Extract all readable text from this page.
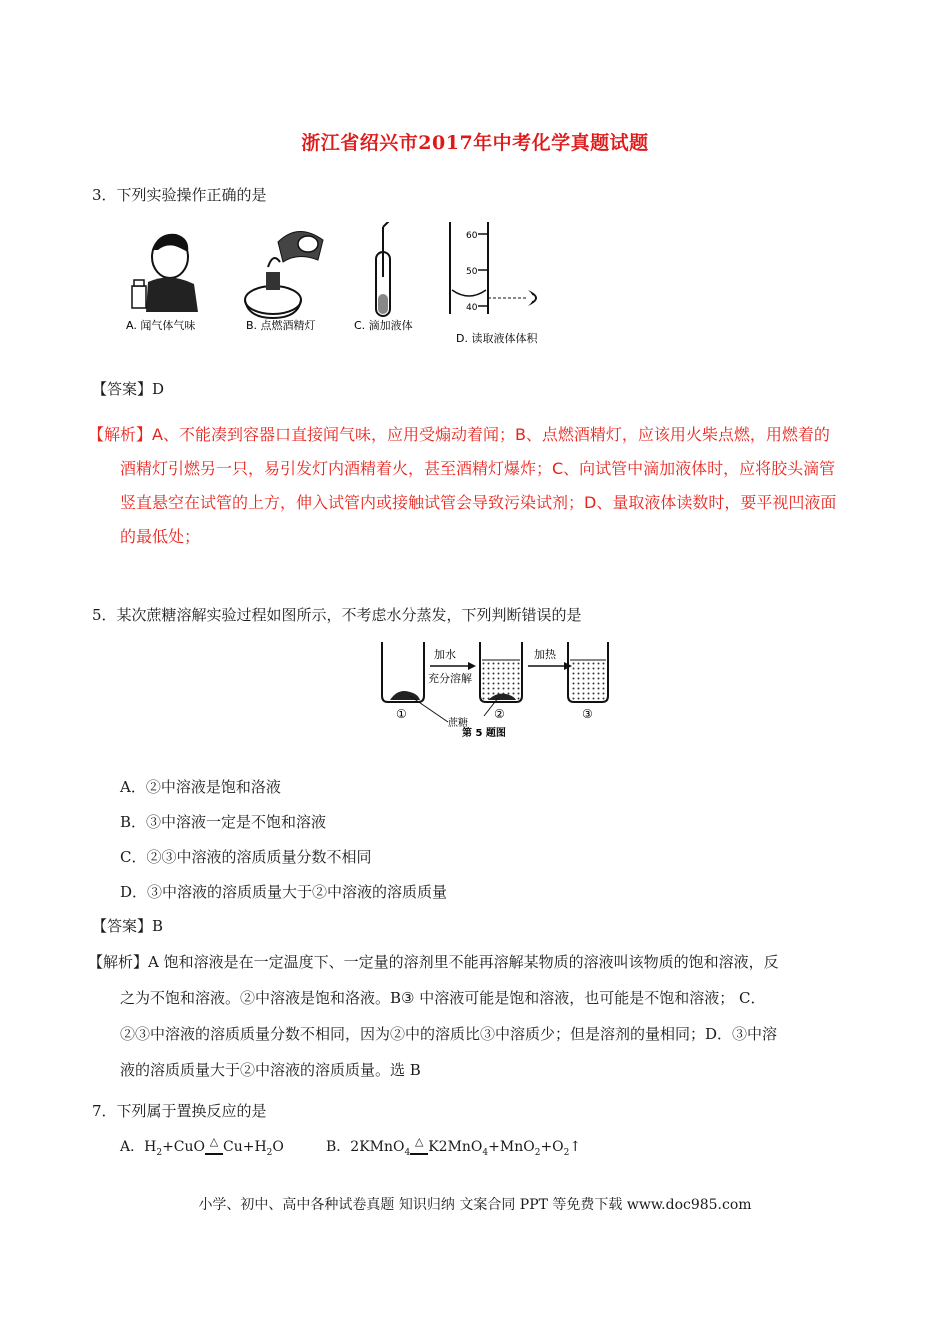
浙江省绍兴市2017年中考化学真题试题
3．下列实验操作正确的是
A. 闻气体气味	B. 点燃酒精灯	C. 滴加液体
60
50
40
D. 读取液体体积
【答案】D
【解析】A、不能凑到容器口直接闻气味，应用受煽动着闻；B、点燃酒精灯，应该用火柴点燃，用燃着的
酒精灯引燃另一只，易引发灯内酒精着火，甚至酒精灯爆炸；C、向试管中滴加液体时，应将胶头滴管
竖直悬空在试管的上方，伸入试管内或接触试管会导致污染试剂；D、量取液体读数时，要平视凹液面
的最低处；
5．某次蔗糖溶解实验过程如图所示，不考虑水分蒸发，下列判断错误的是
加水
充分溶解
加热
蔗糖
①	②	③
第 5 题图
A．②中溶液是饱和洛液
B．③中溶液一定是不饱和溶液
C．②③中溶液的溶质质量分数不相同
D．③中溶液的溶质质量大于②中溶液的溶质质量
【答案】B
【解析】A 饱和溶液是在一定温度下、一定量的溶剂里不能再溶解某物质的溶液叫该物质的饱和溶液，反
之为不饱和溶液。②中溶液是饱和洛液。B③ 中溶液可能是饱和溶液，也可能是不饱和溶液； C．
②③中溶液的溶质质量分数不相同，因为②中的溶质比③中溶质少；但是溶剂的量相同；D．③中溶
液的溶质质量大于②中溶液的溶质质量。选 B
7．下列属于置换反应的是
A．$H_2+CuO$ △ $Cu+H_2O$	B．2KMnO$_4$△ $K2MnO_4+MnO_2+O_2↑$
小学、初中、高中各种试卷真题 知识归纳 文案合同 PPT 等免费下载 www.doc985.com
